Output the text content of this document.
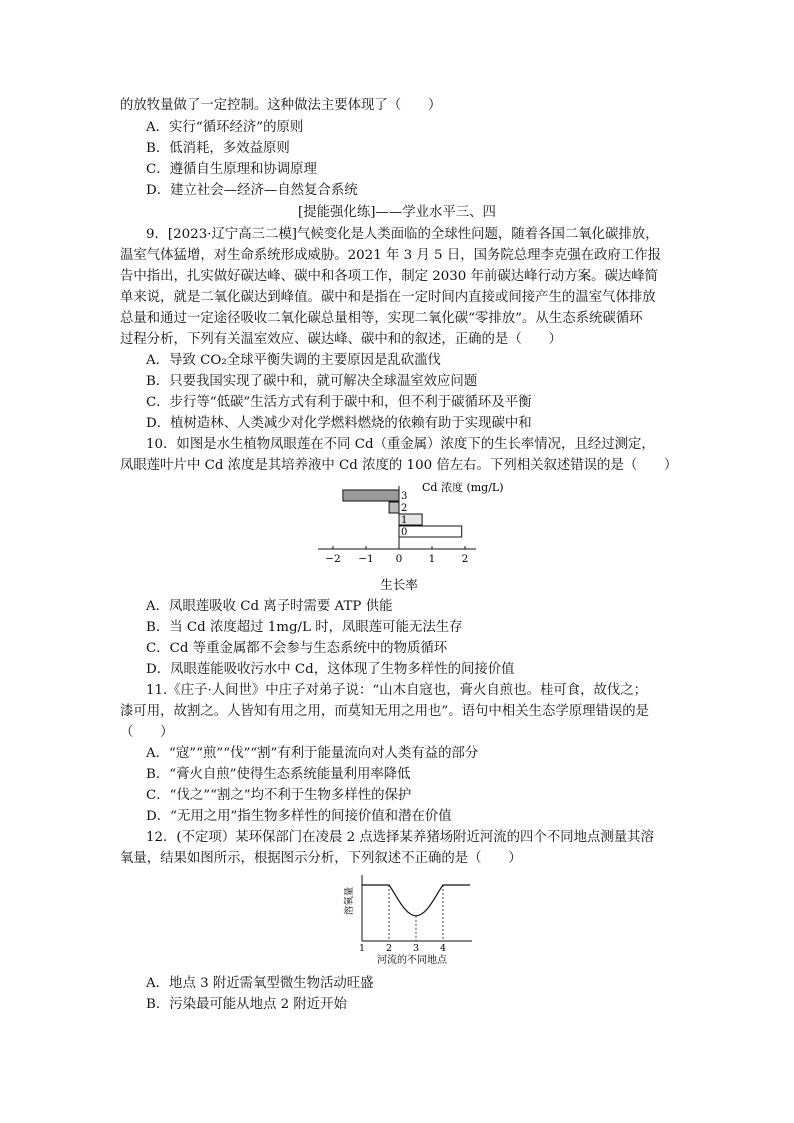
的放牧量做了一定控制。这种做法主要体现了（　　）
A．实行“循环经济”的原则
B．低消耗，多效益原则
C．遵循自生原理和协调原理
D．建立社会—经济—自然复合系统
[提能强化练]——学业水平三、四
9．[2023·辽宁高三二模]气候变化是人类面临的全球性问题，随着各国二氧化碳排放，
温室气体猛增，对生命系统形成威胁。2021 年 3 月 5 日，国务院总理李克强在政府工作报
告中指出，扎实做好碳达峰、碳中和各项工作，制定 2030 年前碳达峰行动方案。碳达峰简
单来说，就是二氧化碳达到峰值。碳中和是指在一定时间内直接或间接产生的温室气体排放
总量和通过一定途径吸收二氧化碳总量相等，实现二氧化碳“零排放”。从生态系统碳循环
过程分析，下列有关温室效应、碳达峰、碳中和的叙述，正确的是（　　）
A．导致 CO₂全球平衡失调的主要原因是乱砍滥伐
B．只要我国实现了碳中和，就可解决全球温室效应问题
C．步行等“低碳”生活方式有利于碳中和，但不利于碳循环及平衡
D．植树造林、人类减少对化学燃料燃烧的依赖有助于实现碳中和
10．如图是水生植物凤眼莲在不同 Cd（重金属）浓度下的生长率情况，且经过测定，
凤眼莲叶片中 Cd 浓度是其培养液中 Cd 浓度的 100 倍左右。下列相关叙述错误的是（　　）
0
1
2
3
−2 −1 0	1	2
Cd 浓度 (mg/L)
生长率
A．凤眼莲吸收 Cd 离子时需要 ATP 供能
B．当 Cd 浓度超过 1mg/L 时，凤眼莲可能无法生存
C．Cd 等重金属都不会参与生态系统中的物质循环
D．凤眼莲能吸收污水中 Cd，这体现了生物多样性的间接价值
11.《庄子·人间世》中庄子对弟子说：“山木自寇也，膏火自煎也。桂可食，故伐之；
漆可用，故割之。人皆知有用之用，而莫知无用之用也”。语句中相关生态学原理错误的是
（　　）
A．“寇”“煎”“伐”“割”有利于能量流向对人类有益的部分
B．“膏火自煎”使得生态系统能量利用率降低
C．“伐之”“割之”均不利于生物多样性的保护
D．“无用之用”指生物多样性的间接价值和潜在价值
12．(不定项）某环保部门在凌晨 2 点选择某养猪场附近河流的四个不同地点测量其溶
氧量，结果如图所示，根据图示分析，下列叙述不正确的是（　　）
1 2 3 4
溶氧量
河流的不同地点
A．地点 3 附近需氧型微生物活动旺盛
B．污染最可能从地点 2 附近开始
